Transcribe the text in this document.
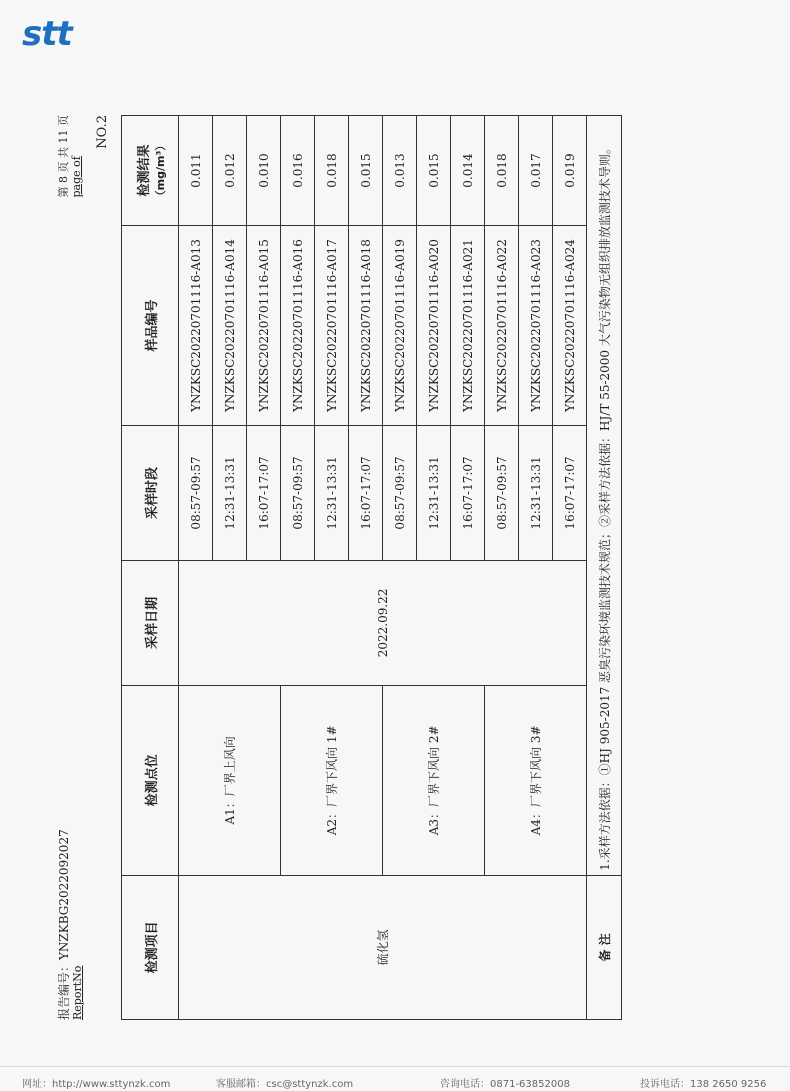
stt
报告编号：YNZKBG2022092027
ReportNo
第 8 页 共 11 页 page of
NO.2
检测项目	检测点位	采样日期	采样时段	样品编号	检测结果 （mg/m³）
硫化氢	A1：厂界上风向	2022.09.22	08:57-09:57	YNZKSC20220701116-A013	0.011
			12:31-13:31	YNZKSC20220701116-A014	0.012
			16:07-17:07	YNZKSC20220701116-A015	0.010
	A2：厂界下风向 1#		08:57-09:57	YNZKSC20220701116-A016	0.016
			12:31-13:31	YNZKSC20220701116-A017	0.018
			16:07-17:07	YNZKSC20220701116-A018	0.015
	A3：厂界下风向 2#		08:57-09:57	YNZKSC20220701116-A019	0.013
			12:31-13:31	YNZKSC20220701116-A020	0.015
			16:07-17:07	YNZKSC20220701116-A021	0.014
	A4：厂界下风向 3#		08:57-09:57	YNZKSC20220701116-A022	0.018
			12:31-13:31	YNZKSC20220701116-A023	0.017
			16:07-17:07	YNZKSC20220701116-A024	0.019
备 注	1.采样方法依据：①HJ 905-2017 恶臭污染环境监测技术规范；②采样方法依据：HJ/T 55-2000 大气污染物无组织排放监测技术导则。				
网址：http://www.sttynzk.com	客服邮箱：csc@sttynzk.com	咨询电话：0871-63852008	投诉电话：138 2650 9256
